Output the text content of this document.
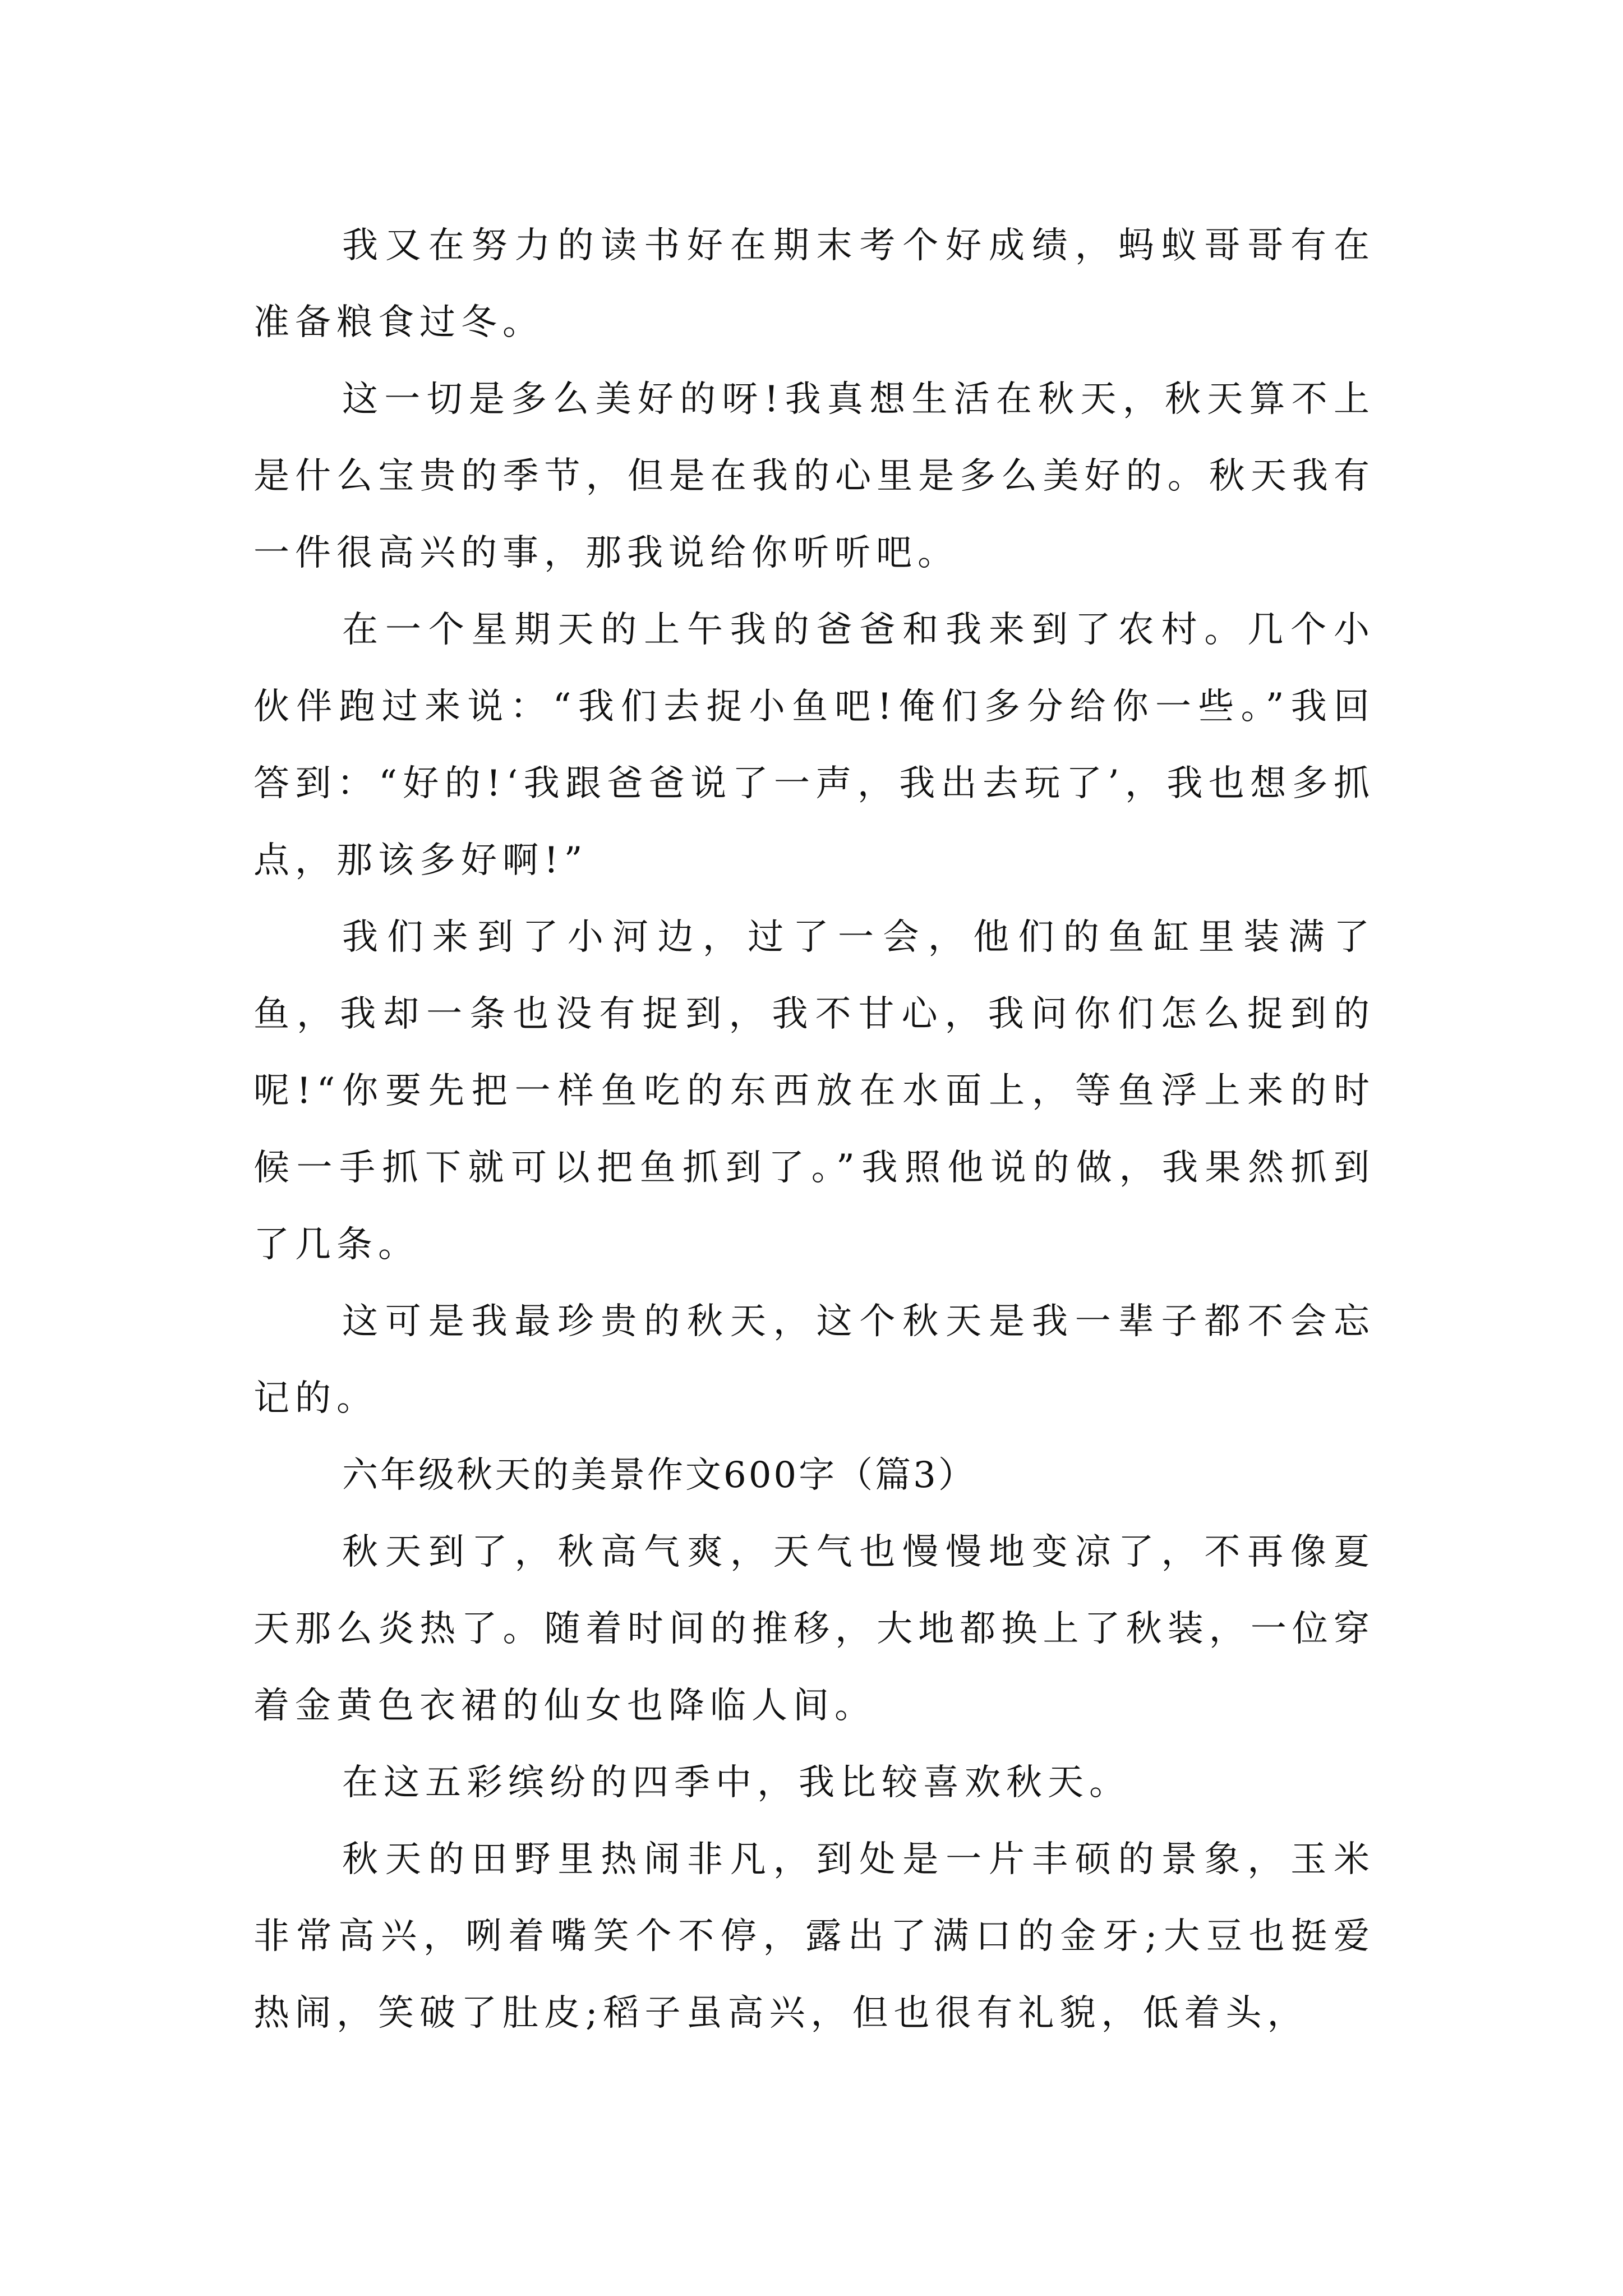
我又在努力的读书好在期末考个好成绩，蚂蚁哥哥有在准备粮食过冬。

这一切是多么美好的呀!我真想生活在秋天，秋天算不上是什么宝贵的季节，但是在我的心里是多么美好的。秋天我有一件很高兴的事，那我说给你听听吧。

在一个星期天的上午我的爸爸和我来到了农村。几个小伙伴跑过来说：“我们去捉小鱼吧!俺们多分给你一些。”我回答到：“好的!‘我跟爸爸说了一声，我出去玩了’，我也想多抓点，那该多好啊!”

我们来到了小河边，过了一会，他们的鱼缸里装满了鱼，我却一条也没有捉到，我不甘心，我问你们怎么捉到的呢!“你要先把一样鱼吃的东西放在水面上，等鱼浮上来的时候一手抓下就可以把鱼抓到了。”我照他说的做，我果然抓到了几条。

这可是我最珍贵的秋天，这个秋天是我一辈子都不会忘记的。

六年级秋天的美景作文600字（篇3）

秋天到了，秋高气爽，天气也慢慢地变凉了，不再像夏天那么炎热了。随着时间的推移，大地都换上了秋装，一位穿着金黄色衣裙的仙女也降临人间。

在这五彩缤纷的四季中，我比较喜欢秋天。

秋天的田野里热闹非凡，到处是一片丰硕的景象，玉米非常高兴，咧着嘴笑个不停，露出了满口的金牙;大豆也挺爱热闹，笑破了肚皮;稻子虽高兴，但也很有礼貌，低着头，
